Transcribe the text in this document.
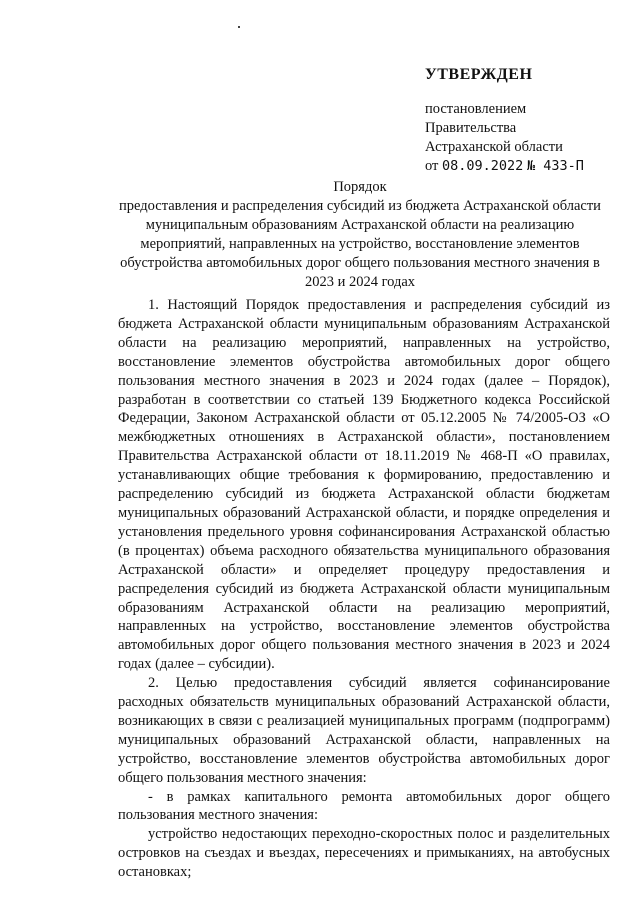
УТВЕРЖДЕН
постановлением
Правительства
Астраханской области
от 08.09.2022 № 433-П
Порядок
предоставления и распределения субсидий из бюджета Астраханской области муниципальным образованиям Астраханской области на реализацию мероприятий, направленных на устройство, восстановление элементов обустройства автомобильных дорог общего пользования местного значения в 2023 и 2024 годах

1. Настоящий Порядок предоставления и распределения субсидий из бюджета Астраханской области муниципальным образованиям Астраханской области на реализацию мероприятий, направленных на устройство, восстановление элементов обустройства автомобильных дорог общего пользования местного значения в 2023 и 2024 годах (далее – Порядок), разработан в соответствии со статьей 139 Бюджетного кодекса Российской Федерации, Законом Астраханской области от 05.12.2005 № 74/2005-ОЗ «О межбюджетных отношениях в Астраханской области», постановлением Правительства Астраханской области от 18.11.2019 № 468-П «О правилах, устанавливающих общие требования к формированию, предоставлению и распределению субсидий из бюджета Астраханской области бюджетам муниципальных образований Астраханской области, и порядке определения и установления предельного уровня софинансирования Астраханской областью (в процентах) объема расходного обязательства муниципального образования Астраханской области» и определяет процедуру предоставления и распределения субсидий из бюджета Астраханской области муниципальным образованиям Астраханской области на реализацию мероприятий, направленных на устройство, восстановление элементов обустройства автомобильных дорог общего пользования местного значения в 2023 и 2024 годах (далее – субсидии).

2. Целью предоставления субсидий является софинансирование расходных обязательств муниципальных образований Астраханской области, возникающих в связи с реализацией муниципальных программ (подпрограмм) муниципальных образований Астраханской области, направленных на устройство, восстановление элементов обустройства автомобильных дорог общего пользования местного значения:

- в рамках капитального ремонта автомобильных дорог общего пользования местного значения:

устройство недостающих переходно-скоростных полос и разделительных островков на съездах и въездах, пересечениях и примыканиях, на автобусных остановках;
